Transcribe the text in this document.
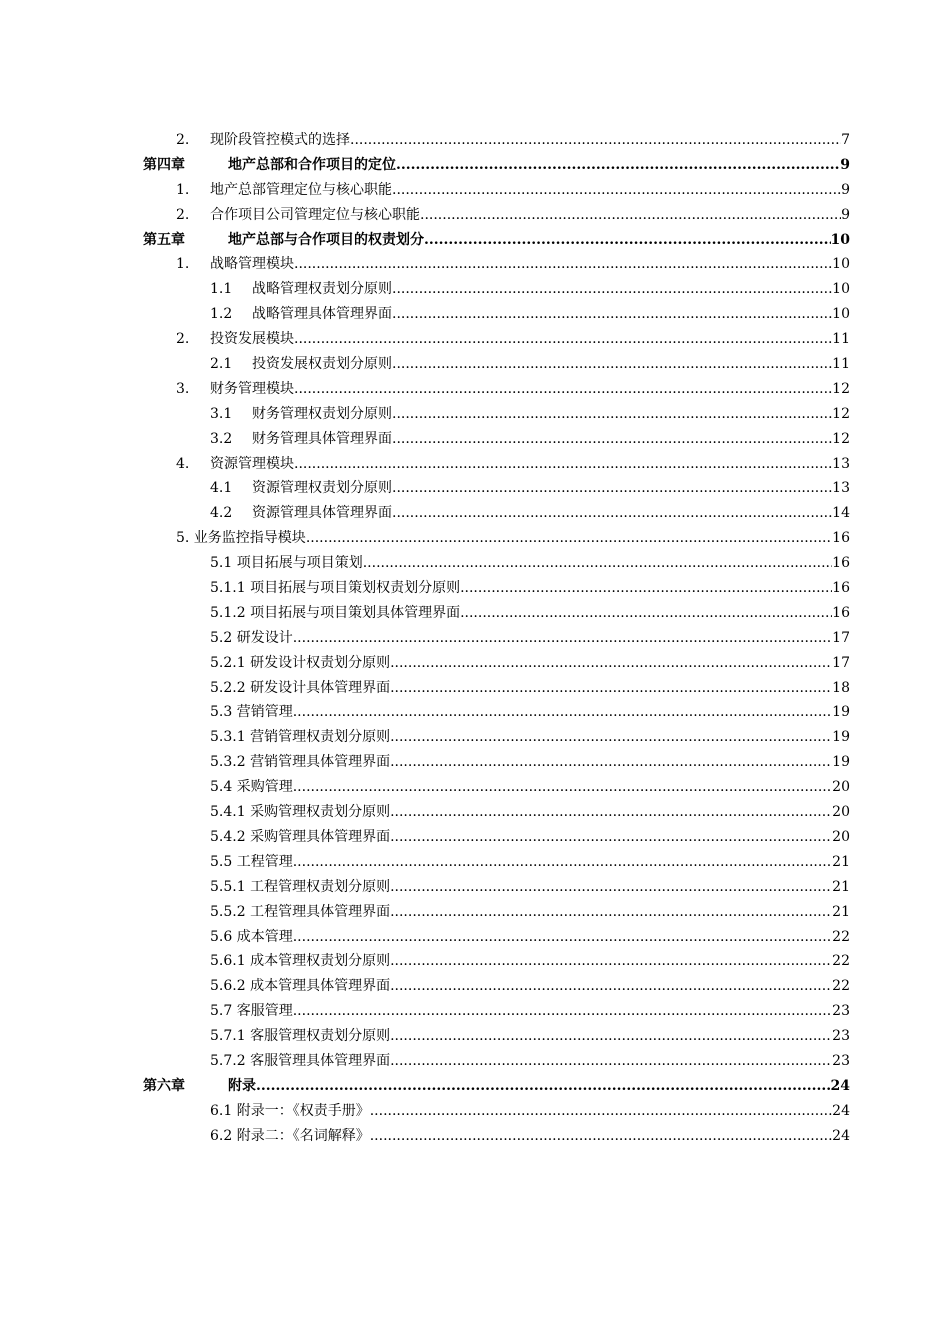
2. 现阶段管控模式的选择 .....	7
第四章	地产总部和合作项目的定位 .....	9
1. 地产总部管理定位与核心职能 .....	9
2. 合作项目公司管理定位与核心职能 .....	9
第五章	地产总部与合作项目的权责划分 .....	10
1. 战略管理模块 .....	10
1.1 战略管理权责划分原则 .....	10
1.2 战略管理具体管理界面 .....	10
2. 投资发展模块 .....	11
2.1 投资发展权责划分原则 .....	11
3. 财务管理模块 .....	12
3.1 财务管理权责划分原则 .....	12
3.2 财务管理具体管理界面 .....	12
4. 资源管理模块 .....	13
4.1 资源管理权责划分原则 .....	13
4.2 资源管理具体管理界面 .....	14
5. 业务监控指导模块 .....	16
5.1 项目拓展与项目策划 .....	16
5.1.1 项目拓展与项目策划权责划分原则 .....	16
5.1.2 项目拓展与项目策划具体管理界面 .....	16
5.2 研发设计 .....	17
5.2.1 研发设计权责划分原则 .....	17
5.2.2 研发设计具体管理界面 .....	18
5.3 营销管理 .....	19
5.3.1 营销管理权责划分原则 .....	19
5.3.2 营销管理具体管理界面 .....	19
5.4 采购管理 .....	20
5.4.1 采购管理权责划分原则 .....	20
5.4.2 采购管理具体管理界面 .....	20
5.5 工程管理 .....	21
5.5.1 工程管理权责划分原则 .....	21
5.5.2 工程管理具体管理界面 .....	21
5.6 成本管理 .....	22
5.6.1 成本管理权责划分原则 .....	22
5.6.2 成本管理具体管理界面 .....	22
5.7 客服管理 .....	23
5.7.1 客服管理权责划分原则 .....	23
5.7.2 客服管理具体管理界面 .....	23
第六章	附录 .....	24
6.1 附录一：《权责手册》 .....	24
6.2 附录二：《名词解释》 .....	24
